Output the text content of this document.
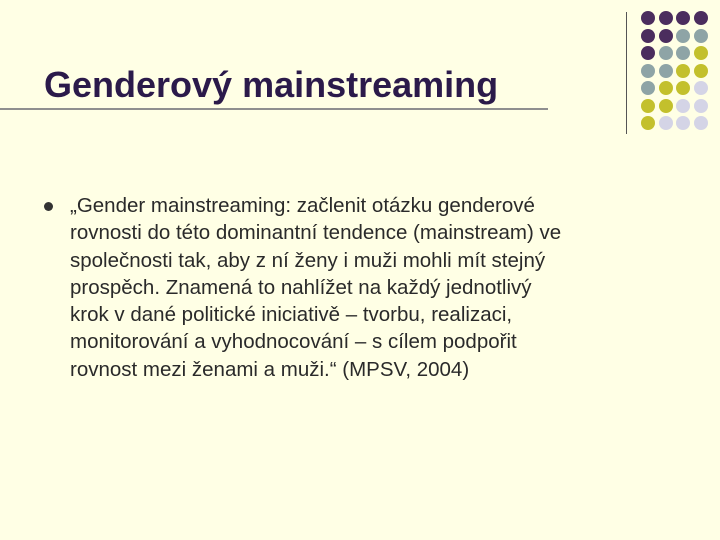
Genderový mainstreaming
„Gender mainstreaming: začlenit otázku genderové
rovnosti do této dominantní tendence (mainstream) ve
společnosti tak, aby z ní ženy i muži mohli mít stejný
prospěch. Znamená to nahlížet na každý jednotlivý
krok v dané politické iniciativě – tvorbu, realizaci,
monitorování a vyhodnocování – s cílem podpořit
rovnost mezi ženami a muži.“ (MPSV, 2004)
